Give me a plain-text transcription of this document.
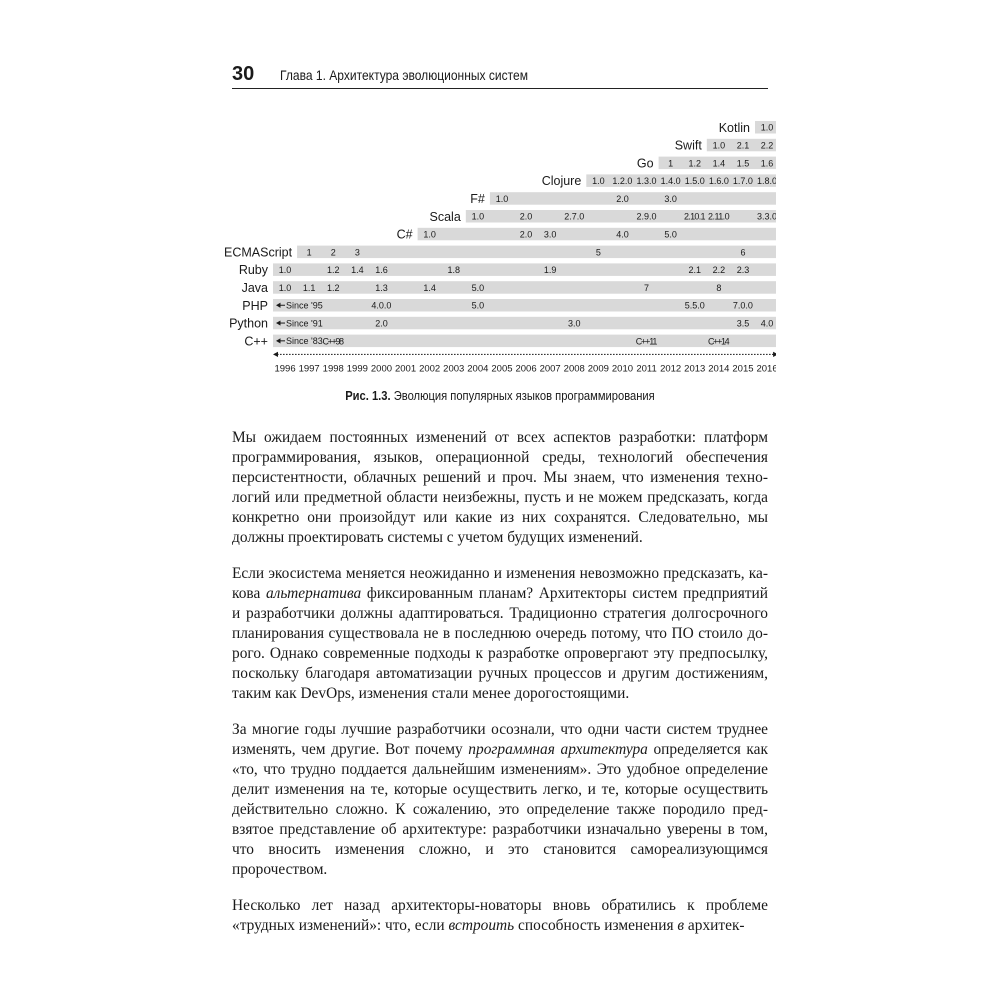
30 Глава 1. Архитектура эволюционных систем
Kotlin 1.0
Swift 1.0 2.1 2.2
Go 1 1.2 1.4 1.5 1.6
Clojure 1.0 1.2.0 1.3.0 1.4.0 1.5.0 1.6.0 1.7.0 1.8.0
F# 1.0	2.0	3.0
Scala 1.0	2.0	2.7.0	2.9.0	2.10.1 2.11.0	3.3.0
C# 1.0	2.0 3.0	4.0	5.0
ECMAScript 1 2 3	5	6
Ruby 1.0	1.2 1.4 1.6	1.8	1.9	2.1 2.2 2.3
Java 1.0 1.1 1.2	1.3	1.4	5.0	7	8
PHP Since '95	4.0.0	5.0	5.5.0	7.0.0
Python Since '91	2.0	3.0	3.5 4.0
C++ Since '83 C++98	C++11	C++14
1996 1997 1998 1999 2000 2001 2002 2003 2004 2005 2006 2007 2008 2009 2010 2011 2012 2013 2014 2015 2016
Рис. 1.3. Эволюция популярных языков программирования

Мы ожидаем постоянных изменений от всех аспектов разработки: платформ программирования, языков, операционной среды, технологий обеспечения персистентности, облачных решений и проч. Мы знаем, что изменения технологий или предметной области неизбежны, пусть и не можем предсказать, когда конкретно они произойдут или какие из них сохранятся. Следовательно, мы должны проектировать системы с учетом будущих изменений.

Если экосистема меняется неожиданно и изменения невозможно предсказать, какова альтернатива фиксированным планам? Архитекторы систем предприятий и разработчики должны адаптироваться. Традиционно стратегия долгосрочного планирования существовала не в последнюю очередь потому, что ПО стоило дорого. Однако современные подходы к разработке опровергают эту предпосылку, поскольку благодаря автоматизации ручных процессов и другим достижениям, таким как DevOps, изменения стали менее дорогостоящими.

За многие годы лучшие разработчики осознали, что одни части систем труднее изменять, чем другие. Вот почему программная архитектура определяется как «то, что трудно поддается дальнейшим изменениям». Это удобное определение делит изменения на те, которые осуществить легко, и те, которые осуществить действительно сложно. К сожалению, это определение также породило предвзятое представление об архитектуре: разработчики изначально уверены в том, что вносить изменения сложно, и это становится самореализующимся пророчеством.

Несколько лет назад архитекторы-новаторы вновь обратились к проблеме «трудных изменений»: что, если встроить способность изменения в архитек-
